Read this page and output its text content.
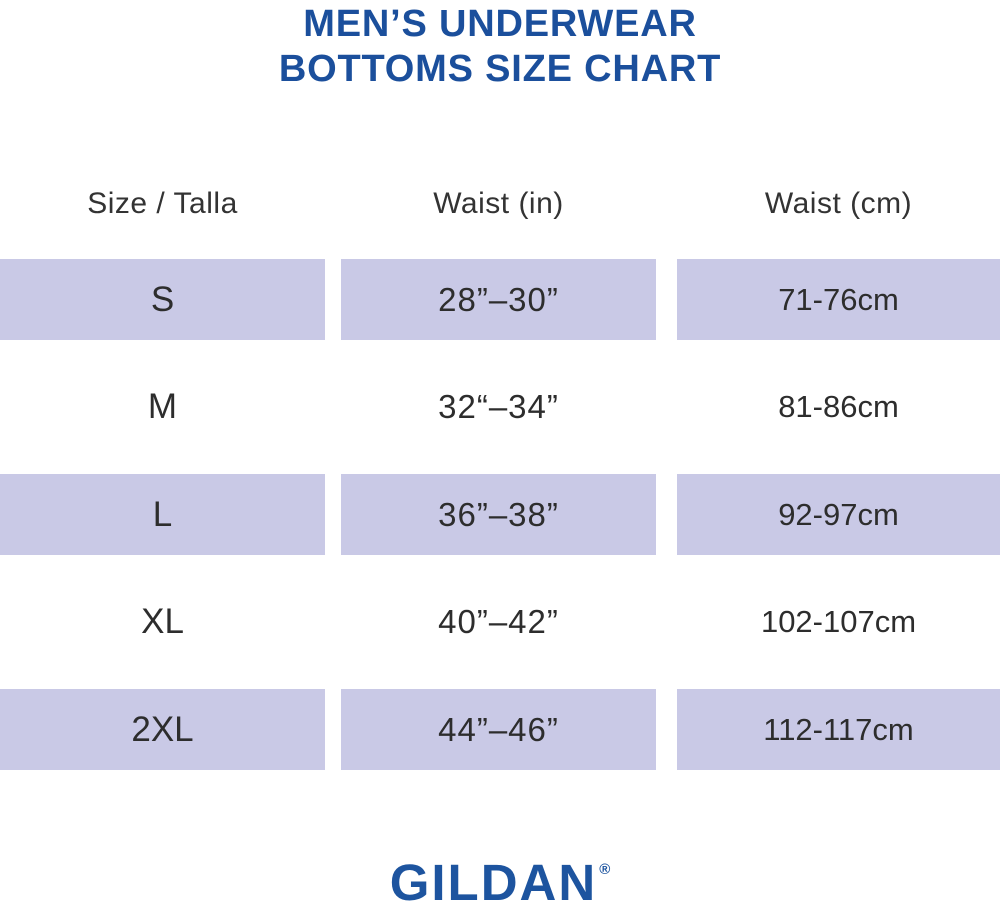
MEN’S UNDERWEAR
BOTTOMS SIZE CHART
Size / Talla	Waist (in)	Waist (cm)
S	28”–30”	71-76cm
M	32“–34”	81-86cm
L	36”–38”	92-97cm
XL	40”–42”	102-107cm
2XL	44”–46”	112-117cm
GILDAN ®
